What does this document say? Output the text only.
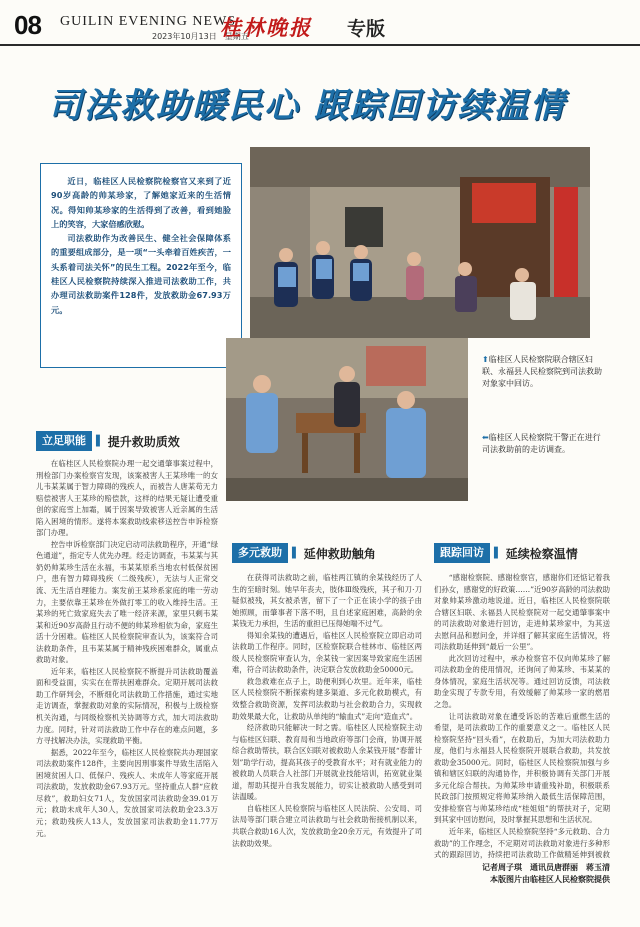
08 GUILIN EVENING NEWS
2023年10月13日　星期五
桂林晚报 专版
司法救助暖民心 跟踪回访续温情

近日，临桂区人民检察院检察官又来到了近90岁高龄的帅某珍家，了解她家近来的生活情况。得知帅某珍家的生活得到了改善，看到她脸上的笑容，大家倍感欣慰。

司法救助作为改善民生、健全社会保障体系的重要组成部分，是一项“一头牵着百姓疾苦，一头系着司法关怀”的民生工程。2022年至今，临桂区人民检察院持续深入推进司法救助工作，共办理司法救助案件128件，发放救助金67.93万元。

⬆临桂区人民检察院联合辖区妇联、永福县人民检察院到司法救助对象家中回访。
⬅临桂区人民检察院干警正在进行司法救助前的走访调查。
立足职能 ▐ 提升救助质效

在临桂区人民检察院办理一起交通肇事案过程中，刑检部门办案检察官发现，该案被害人王某珍唯一的女儿韦某某属于智力障碍的残疾人，而被告人唐某苟无力赔偿被害人王某珍的赔偿款，这样的结果无疑让遭受重创的家庭雪上加霜，属于因案导致被害人近亲属的生活陷入困境的情形。遂将本案救助线索移送控告申诉检察部门办理。

控告申诉检察部门决定启动司法救助程序，开通“绿色通道”，指定专人优先办理。经走访调查，韦某某与其奶奶帅某珍生活在永福，韦某某原系当地农村低保贫困户，患有智力障碍残疾（二级残疾），无法与人正常交流、无生活自理能力。案发前王某珍系家庭的唯一劳动力，主要依靠王某珍在外做打零工的收入维持生活。王某珍的死亡致家庭失去了唯一经济来源，家里只剩韦某某和近90岁高龄且行动不便的帅某珍相依为命，家庭生活十分困难。临桂区人民检察院审查认为，该案符合司法救助条件，且韦某某属于精神残疾困难群众，属重点救助对象。

近年来，临桂区人民检察院不断提升司法救助覆盖面和受益面，实实在在帮扶困难群众。定期开展司法救助工作研判会，不断细化司法救助工作措施，通过实地走访调查，掌握救助对象的实际情况，积极与上级检察机关沟通，与同级检察机关协调等方式，加大司法救助力度。同时，针对司法救助工作中存在的难点问题，多方寻找解决办法，实现救助平衡。

据悉，2022年至今，临桂区人民检察院共办理国家司法救助案件128件，主要向因刑事案件导致生活陷入困境贫困人口、低保户、残疾人、未成年人等家庭开展司法救助，发放救助金67.93万元。坚持重点人群“应救尽救”，救助妇女71人，发放国家司法救助金39.01万元；救助未成年人30人，发放国家司法救助金23.3万元；救助残疾人13人，发放国家司法救助金11.77万元。

多元救助 ▐ 延伸救助触角

在获得司法救助之前，临桂两江镇的余某钱经历了人生的至暗时刻。她早年丧夫，肢体Ⅲ级残疾，其子和刀·刀疑似被残，其女被杀害，留下了一个正在读小学的孩子由她照顾，而肇事者下落不明，且自述家庭困难，高龄的余某钱无力承担，生活的重担已压得她喘不过气。

得知余某钱的遭遇后，临桂区人民检察院立即启动司法救助工作程序。同时，区检察院联合桂林市、临桂区两级人民检察院审查认为，余某钱一家因案导致家庭生活困难，符合司法救助条件，决定联合发放救助金50000元。

救急救难在点子上，助便利到心坎里。近年来，临桂区人民检察院不断探索构建多渠道、多元化救助模式，有效整合救助资源，发挥司法救助与社会救助合力，实现救助效果最大化，让救助从单纯的“输血式”走向“造血式”。

经济救助只能解决一时之需。临桂区人民检察院主动与临桂区妇联、教育局和当地政府等部门会商，协调开展综合救助帮扶，联合区妇联对被救助人余某钱开展“春蕾计划”助学行动，提高其孩子的受教育水平；对有就业能力的被救助人员联合人社部门开展就业技能培训，拓宽就业渠道，帮助其提升自我发展能力，切实让被救助人感受到司法温暖。

自临桂区人民检察院与临桂区人民法院、公安局、司法局等部门联合建立司法救助与社会救助衔接机制以来，共联合救助16人次，发放救助金20余万元，有效提升了司法救助效果。

跟踪回访 ▐ 延续检察温情

“感谢检察院、感谢检察官，感谢你们还惦记着我们孙女，感谢党的好政策……”近90岁高龄的司法救助对象帅某珍激动地说道。近日，临桂区人民检察院联合辖区妇联、永福县人民检察院对一起交通肇事案中的司法救助对象进行回访，走进帅某珍家中，为其送去慰问品和慰问金，并详细了解其家庭生活情况，将司法救助延伸到“最后一公里”。

此次回访过程中，承办检察官不仅向帅某珍了解司法救助金的使用情况，还询问了帅某珍、韦某某的身体情况，家庭生活状况等。通过回访反馈，司法救助金实现了专款专用，有效缓解了帅某珍一家的燃眉之急。

让司法救助对象在遭受诉讼的苦难后重燃生活的希望，是司法救助工作的重要意义之一。临桂区人民检察院坚持“回头看”，在救助后，为加大司法救助力度，他们与永福县人民检察院开展联合救助，共发放救助金35000元。同时，临桂区人民检察院加强与乡镇和辖区妇联的沟通协作，并积极协调有关部门开展多元化综合帮扶。为帅某珍申请重残补助，积极联系民政部门按照规定将帅某珍纳入最低生活保障范围，安排检察官与帅某珍结成“桂姐姐”的帮扶对子，定期到其家中回访慰问，及时掌握其思想和生活状况。

近年来，临桂区人民检察院坚持“多元救助、合力救助”的工作理念，不定期对司法救助对象进行多种形式的跟踪回访，持续把司法救助工作做精延伸到被救

记者周子琪　通讯员唐群丽　蒋玉清
本版图片由临桂区人民检察院提供
